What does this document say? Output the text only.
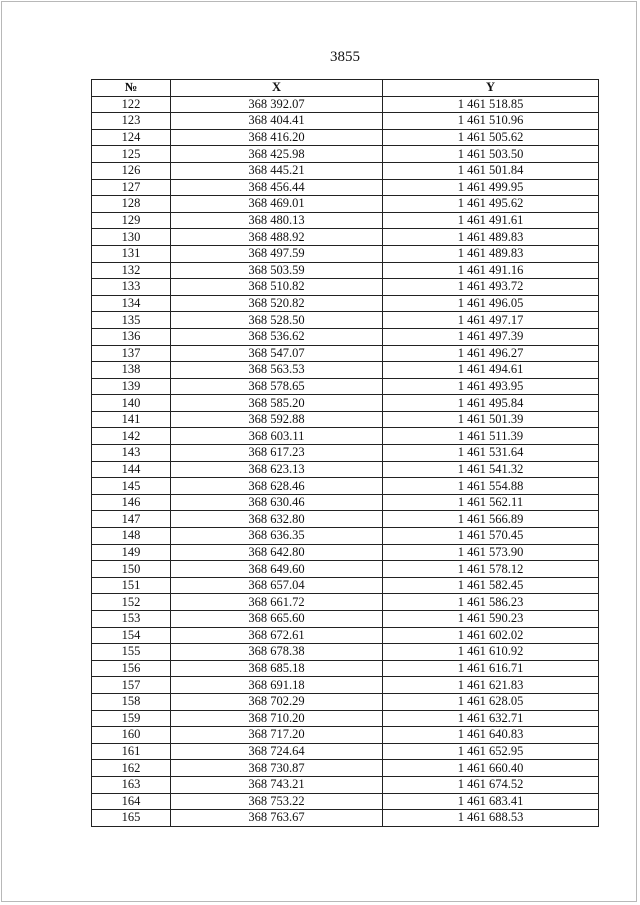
3855
№	X	Y
122	368 392.07	1 461 518.85
123	368 404.41	1 461 510.96
124	368 416.20	1 461 505.62
125	368 425.98	1 461 503.50
126	368 445.21	1 461 501.84
127	368 456.44	1 461 499.95
128	368 469.01	1 461 495.62
129	368 480.13	1 461 491.61
130	368 488.92	1 461 489.83
131	368 497.59	1 461 489.83
132	368 503.59	1 461 491.16
133	368 510.82	1 461 493.72
134	368 520.82	1 461 496.05
135	368 528.50	1 461 497.17
136	368 536.62	1 461 497.39
137	368 547.07	1 461 496.27
138	368 563.53	1 461 494.61
139	368 578.65	1 461 493.95
140	368 585.20	1 461 495.84
141	368 592.88	1 461 501.39
142	368 603.11	1 461 511.39
143	368 617.23	1 461 531.64
144	368 623.13	1 461 541.32
145	368 628.46	1 461 554.88
146	368 630.46	1 461 562.11
147	368 632.80	1 461 566.89
148	368 636.35	1 461 570.45
149	368 642.80	1 461 573.90
150	368 649.60	1 461 578.12
151	368 657.04	1 461 582.45
152	368 661.72	1 461 586.23
153	368 665.60	1 461 590.23
154	368 672.61	1 461 602.02
155	368 678.38	1 461 610.92
156	368 685.18	1 461 616.71
157	368 691.18	1 461 621.83
158	368 702.29	1 461 628.05
159	368 710.20	1 461 632.71
160	368 717.20	1 461 640.83
161	368 724.64	1 461 652.95
162	368 730.87	1 461 660.40
163	368 743.21	1 461 674.52
164	368 753.22	1 461 683.41
165	368 763.67	1 461 688.53
